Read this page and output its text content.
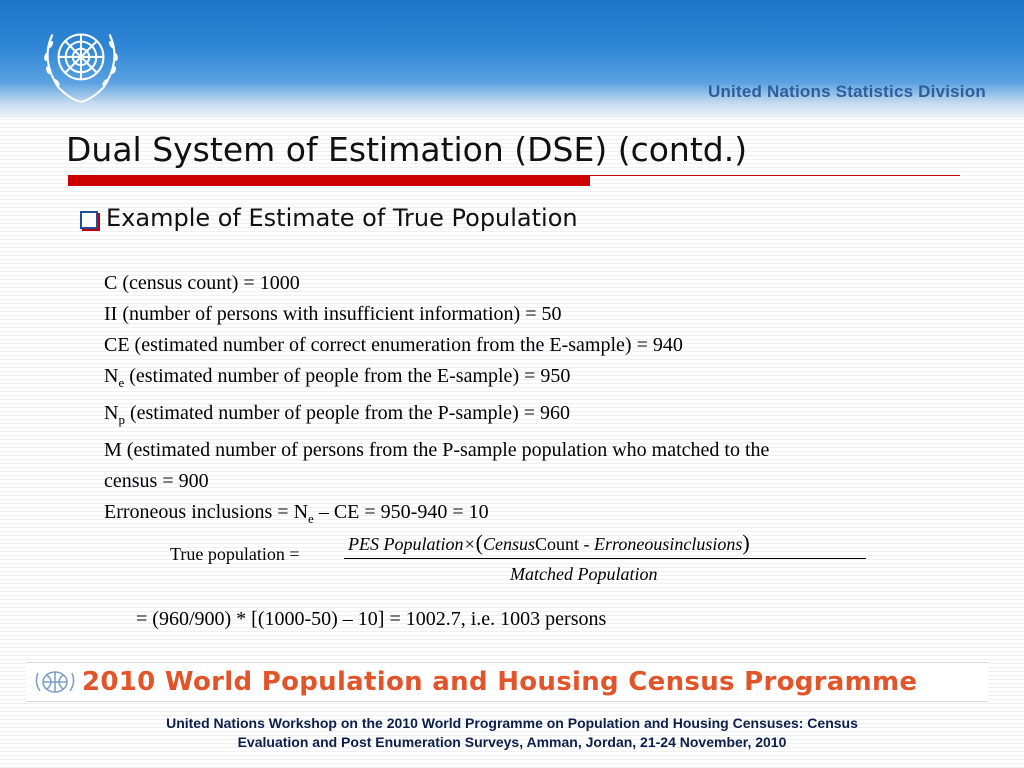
United Nations Statistics Division
Dual System of Estimation (DSE) (contd.)
Example of Estimate of True Population
C (census count) = 1000
II (number of persons with insufficient information) = 50
CE (estimated number of correct enumeration from the E-sample) = 940
$N_e$ (estimated number of people from the E-sample) = 950
$N_p$ (estimated number of people from the P-sample) = 960
M (estimated number of persons from the P-sample population who matched to the
census = 900
Erroneous inclusions = $N_e$ – CE = 950-940 = 10
True population =	PES Population×(CensusCount - Erroneousinclusions)
Matched Population
= (960/900) * [(1000-50) – 10] = 1002.7, i.e. 1003 persons
2010 World Population and Housing Census Programme
United Nations Workshop on the 2010 World Programme on Population and Housing Censuses: Census
Evaluation and Post Enumeration Surveys, Amman, Jordan, 21-24 November, 2010
